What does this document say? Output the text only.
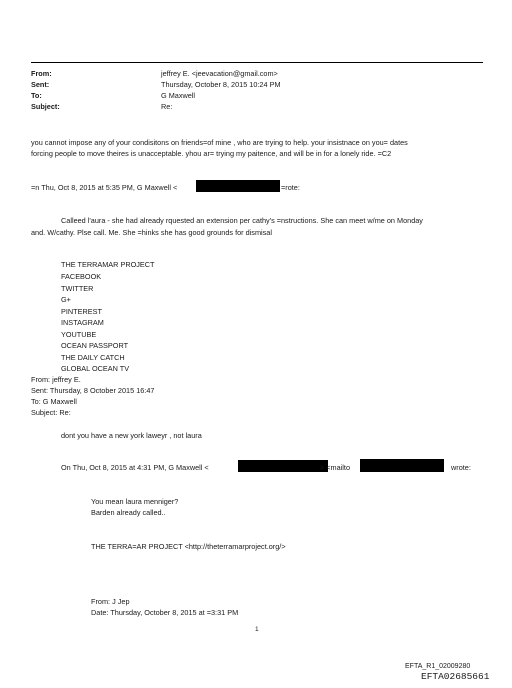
From:	jeffrey E. <jeevacation@gmail.com>
Sent:	Thursday, October 8, 2015 10:24 PM
To:	G Maxwell
Subject:	Re:
you cannot impose any of your condisitons on friends=of mine , who are trying to help. your insistnace on you= dates
forcing people to move theires is unacceptable. yhou ar= trying my paitence, and will be in for a lonely ride. =C2
=n Thu, Oct 8, 2015 at 5:35 PM, G Maxwell <	=rote:
Calleed l'aura - she had already rquested an extension per cathy's =nstructions. She can meet w/me on Monday
and. W/cathy. Plse call. Me. She =hinks she has good grounds for dismisal
THE TERRAMAR PROJECT
FACEBOOK
TWITTER
G+
PINTEREST
INSTAGRAM
YOUTUBE
OCEAN PASSPORT
THE DAILY CATCH
GLOBAL OCEAN TV
From: jeffrey E.
Sent: Thursday, 8 October 2015 16:47
To: G Maxwell
Subject: Re:
dont you have a new york laweyr , not laura
On Thu, Oct 8, 2015 at 4:31 PM, G Maxwell <	> <mailto	wrote:
You mean laura menniger?
Barden already called..
THE TERRA=AR PROJECT <http://theterramarproject.org/>
From: J Jep
Date: Thursday, October 8, 2015 at =3:31 PM
1
EFTA_R1_02009280
EFTA02685661
